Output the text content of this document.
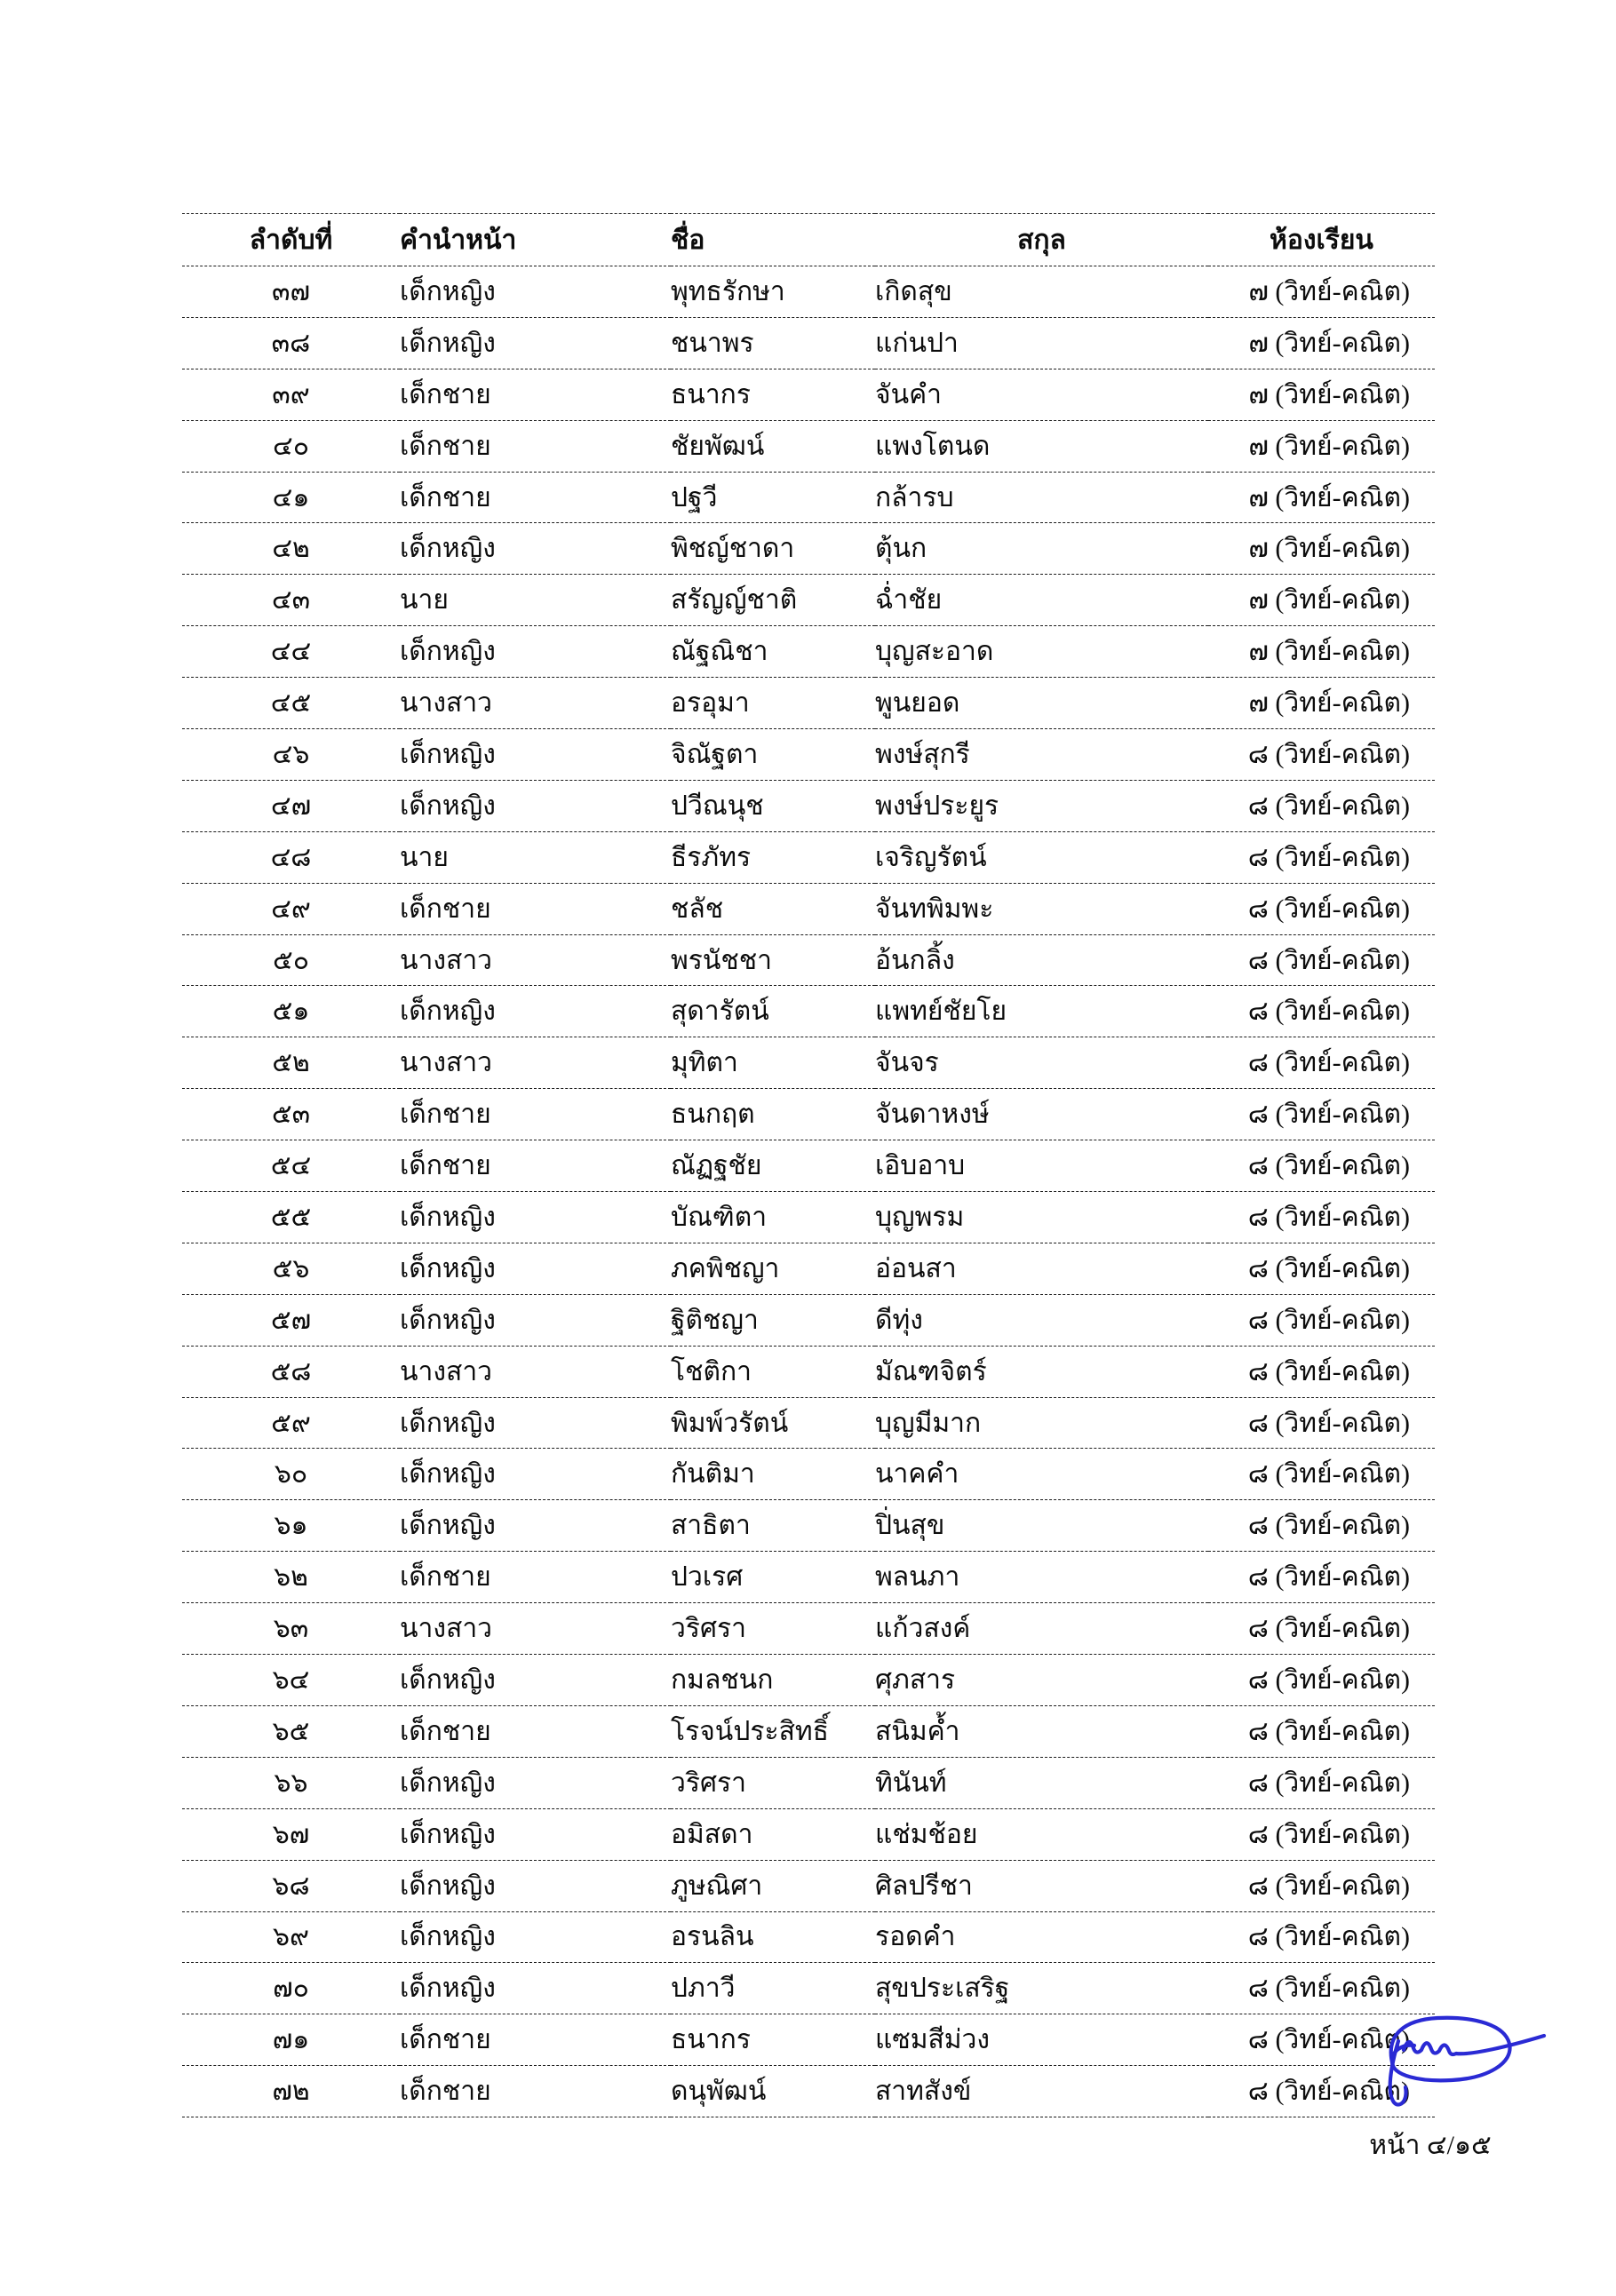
ลำดับที่	คำนำหน้า	ชื่อ	สกุล	ห้องเรียน
๓๗	เด็กหญิง	พุทธรักษา	เกิดสุข	๗ (วิทย์-คณิต)
๓๘	เด็กหญิง	ชนาพร	แก่นปา	๗ (วิทย์-คณิต)
๓๙	เด็กชาย	ธนากร	จันคำ	๗ (วิทย์-คณิต)
๔๐	เด็กชาย	ชัยพัฒน์	แพงโตนด	๗ (วิทย์-คณิต)
๔๑	เด็กชาย	ปฐวี	กล้ารบ	๗ (วิทย์-คณิต)
๔๒	เด็กหญิง	พิชญ์ชาดา	ตุ้นก	๗ (วิทย์-คณิต)
๔๓	นาย	สรัญญ์ชาติ	ฉ่ำชัย	๗ (วิทย์-คณิต)
๔๔	เด็กหญิง	ณัฐณิชา	บุญสะอาด	๗ (วิทย์-คณิต)
๔๕	นางสาว	อรอุมา	พูนยอด	๗ (วิทย์-คณิต)
๔๖	เด็กหญิง	จิณัฐตา	พงษ์สุกรี	๘ (วิทย์-คณิต)
๔๗	เด็กหญิง	ปวีณนุช	พงษ์ประยูร	๘ (วิทย์-คณิต)
๔๘	นาย	ธีรภัทร	เจริญรัตน์	๘ (วิทย์-คณิต)
๔๙	เด็กชาย	ชลัช	จันทพิมพะ	๘ (วิทย์-คณิต)
๕๐	นางสาว	พรนัชชา	อ้นกลิ้ง	๘ (วิทย์-คณิต)
๕๑	เด็กหญิง	สุดารัตน์	แพทย์ชัยโย	๘ (วิทย์-คณิต)
๕๒	นางสาว	มุทิตา	จันจร	๘ (วิทย์-คณิต)
๕๓	เด็กชาย	ธนกฤต	จันดาหงษ์	๘ (วิทย์-คณิต)
๕๔	เด็กชาย	ณัฏฐชัย	เอิบอาบ	๘ (วิทย์-คณิต)
๕๕	เด็กหญิง	บัณฑิตา	บุญพรม	๘ (วิทย์-คณิต)
๕๖	เด็กหญิง	ภคพิชญา	อ่อนสา	๘ (วิทย์-คณิต)
๕๗	เด็กหญิง	ฐิติชญา	ดีทุ่ง	๘ (วิทย์-คณิต)
๕๘	นางสาว	โชติกา	มัณฑจิตร์	๘ (วิทย์-คณิต)
๕๙	เด็กหญิง	พิมพ์วรัตน์	บุญมีมาก	๘ (วิทย์-คณิต)
๖๐	เด็กหญิง	กันติมา	นาคคำ	๘ (วิทย์-คณิต)
๖๑	เด็กหญิง	สาธิตา	ปิ่นสุข	๘ (วิทย์-คณิต)
๖๒	เด็กชาย	ปวเรศ	พลนภา	๘ (วิทย์-คณิต)
๖๓	นางสาว	วริศรา	แก้วสงค์	๘ (วิทย์-คณิต)
๖๔	เด็กหญิง	กมลชนก	ศุภสาร	๘ (วิทย์-คณิต)
๖๕	เด็กชาย	โรจน์ประสิทธิ์	สนิมค้ำ	๘ (วิทย์-คณิต)
๖๖	เด็กหญิง	วริศรา	ทินันท์	๘ (วิทย์-คณิต)
๖๗	เด็กหญิง	อมิสดา	แช่มช้อย	๘ (วิทย์-คณิต)
๖๘	เด็กหญิง	ภูษณิศา	ศิลปรีชา	๘ (วิทย์-คณิต)
๖๙	เด็กหญิง	อรนลิน	รอดคำ	๘ (วิทย์-คณิต)
๗๐	เด็กหญิง	ปภาวี	สุขประเสริฐ	๘ (วิทย์-คณิต)
๗๑	เด็กชาย	ธนากร	แซมสีม่วง	๘ (วิทย์-คณิต)
๗๒	เด็กชาย	ดนุพัฒน์	สาทสังข์	๘ (วิทย์-คณิต)
หน้า ๔/๑๕
